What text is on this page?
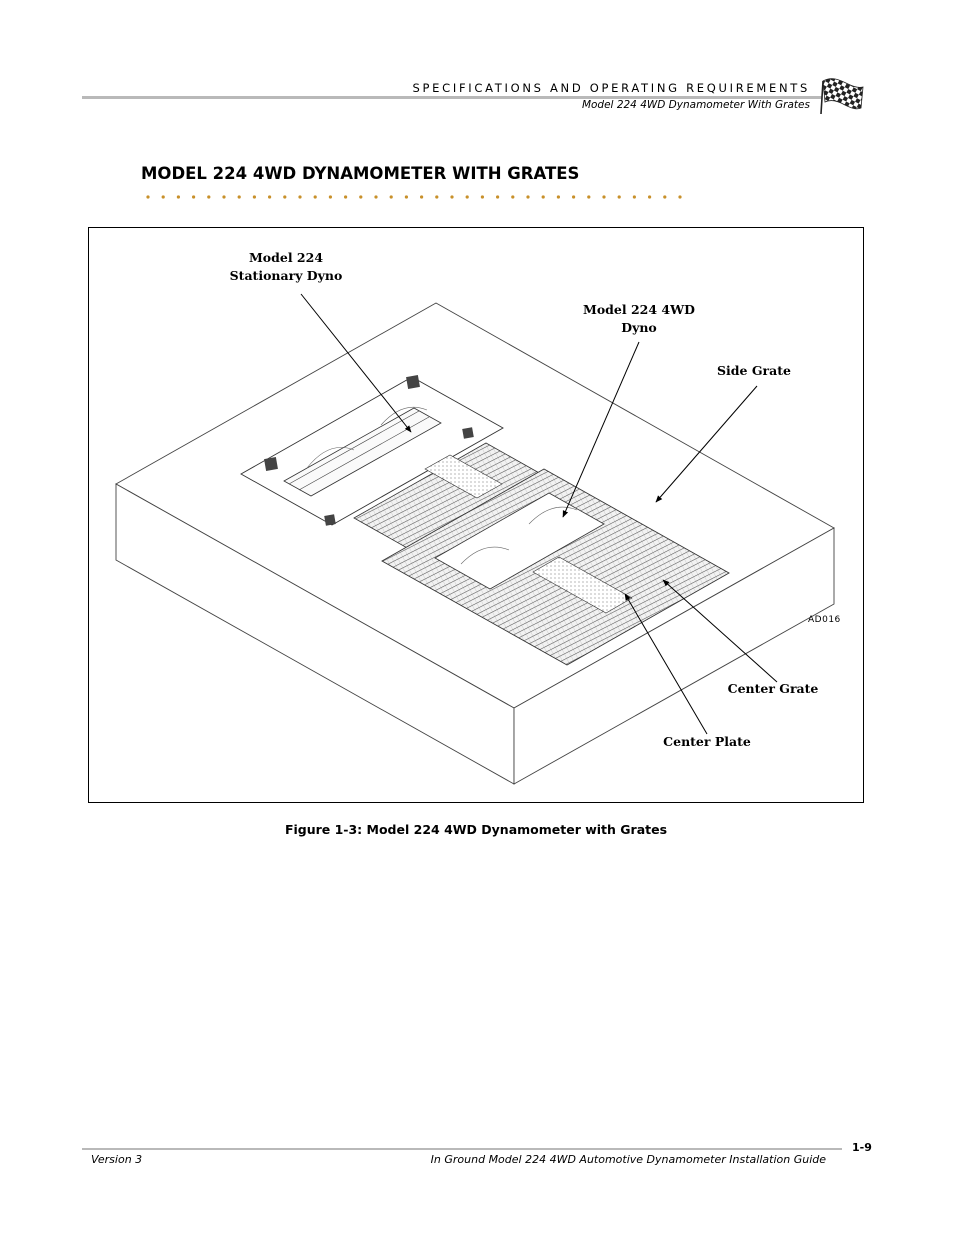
SPECIFICATIONS AND OPERATING REQUIREMENTS
Model 224 4WD Dynamometer With Grates
MODEL 224 4WD DYNAMOMETER WITH GRATES
AD016
Model 224
Stationary Dyno
Model 224 4WD
Dyno
Side Grate
Center Grate
Center Plate
Figure 1-3: Model 224 4WD Dynamometer with Grates
1-9
Version 3	In Ground Model 224 4WD Automotive Dynamometer Installation Guide
